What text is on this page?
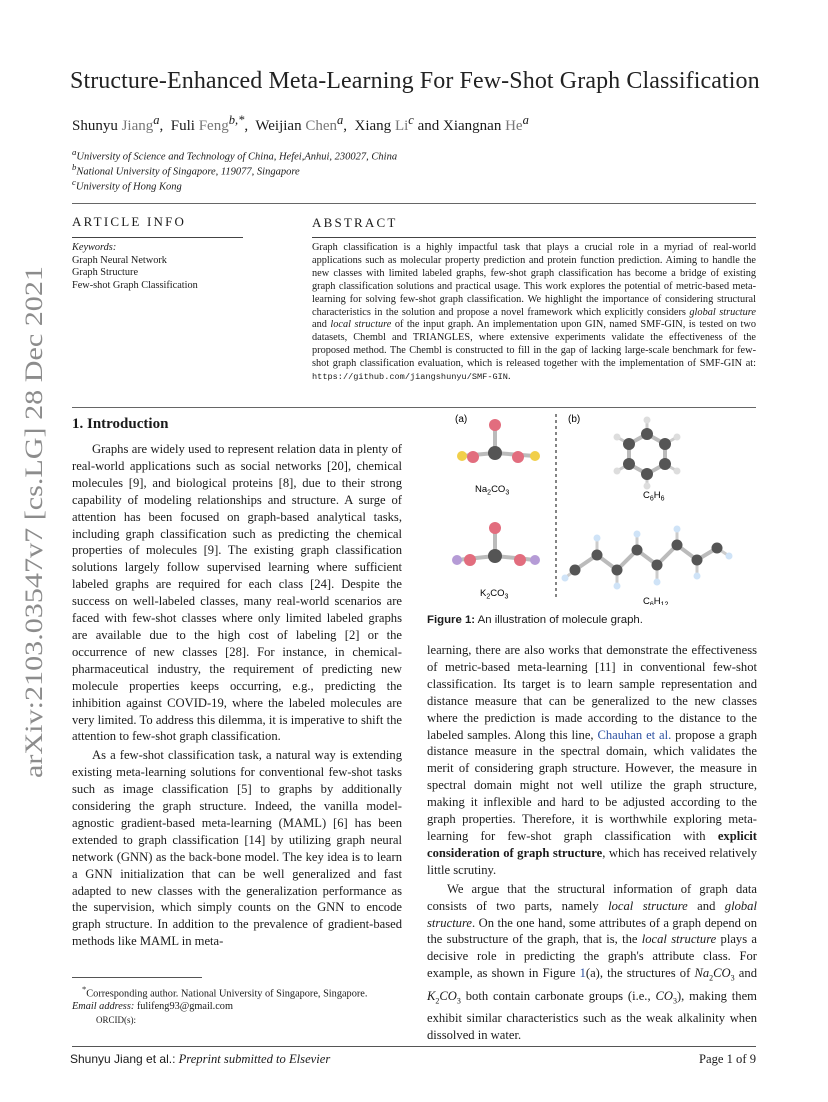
arXiv:2103.03547v7 [cs.LG] 28 Dec 2021
Structure-Enhanced Meta-Learning For Few-Shot Graph Classification
Shunyu Jiang$^a$,  Fuli Feng$^{b,*}$,  Weijian Chen$^a$,  Xiang Li$^c$ and Xiangnan He$^a$
$^a$University of Science and Technology of China, Hefei,Anhui, 230027, China
$^b$National University of Singapore, 119077, Singapore
$^c$University of Hong Kong
ARTICLE INFO
Keywords:
Graph Neural Network
Graph Structure
Few-shot Graph Classification
ABSTRACT
Graph classification is a highly impactful task that plays a crucial role in a myriad of real-world applications such as molecular property prediction and protein function prediction. Aiming to handle the new classes with limited labeled graphs, few-shot graph classification has become a bridge of existing graph classification solutions and practical usage. This work explores the potential of metric-based meta-learning for solving few-shot graph classification. We highlight the importance of considering structural characteristics in the solution and propose a novel framework which explicitly considers global structure and local structure of the input graph. An implementation upon GIN, named SMF-GIN, is tested on two datasets, Chembl and TRIANGLES, where extensive experiments validate the effectiveness of the proposed method. The Chembl is constructed to fill in the gap of lacking large-scale benchmark for few-shot graph classification evaluation, which is released together with the implementation of SMF-GIN at: https://github.com/jiangshunyu/SMF-GIN.
1. Introduction

Graphs are widely used to represent relation data in plenty of real-world applications such as social networks [20], chemical molecules [9], and biological proteins [8], due to their strong capability of modeling relationships and structure. A surge of attention has been focused on graph-based analytical tasks, including graph classification such as predicting the chemical properties of molecules [9]. The existing graph classification solutions largely follow supervised learning where sufficient labeled graphs are required for each class [24]. Despite the success on well-labeled classes, many real-world scenarios are faced with few-shot classes where only limited labeled graphs are available due to the high cost of labeling [2] or the occurrence of new classes [28]. For instance, in chemical-pharmaceutical industry, the requirement of predicting new molecule properties keeps occurring, e.g., predicting the inhibition against COVID-19, where the labeled molecules are very limited. To address this dilemma, it is imperative to shift the attention to few-shot graph classification.

As a few-shot classification task, a natural way is extending existing meta-learning solutions for conventional few-shot tasks such as image classification [5] to graphs by additionally considering the graph structure. Indeed, the vanilla model-agnostic gradient-based meta-learning (MAML) [6] has been extended to graph classification [14] by utilizing graph neural network (GNN) as the back-bone model. The key idea is to learn a GNN initialization that can be well generalized and fast adapted to new classes with the generalization performance as the supervision, which simply counts on the GNN to encode graph structure. In addition to the prevalence of gradient-based methods like MAML in meta-

*Corresponding author. National University of Singapore, Singapore.
Email address: fulifeng93@gmail.com
ORCID(s):
(a)	(b)
$Na_2CO_3$	$C_6H_6$
$K_2CO_3$	$C_6H_{12}$
Figure 1: An illustration of molecule graph.

learning, there are also works that demonstrate the effectiveness of metric-based meta-learning [11] in conventional few-shot classification. Its target is to learn sample representation and distance measure that can be generalized to the new classes where the prediction is made according to the distance to the labeled samples. Along this line, Chauhan et al. propose a graph distance measure in the spectral domain, which validates the merit of considering graph structure. However, the measure in spectral domain might not well utilize the graph structure, making it inflexible and hard to be adjusted according to the graph properties. Therefore, it is worthwhile exploring meta-learning for few-shot graph classification with explicit consideration of graph structure, which has received relatively little scrutiny.

We argue that the structural information of graph data consists of two parts, namely local structure and global structure. On the one hand, some attributes of a graph depend on the substructure of the graph, that is, the local structure plays a decisive role in predicting the graph's attribute class. For example, as shown in Figure 1(a), the structures of $Na_2CO_3$ and $K_2CO_3$ both contain carbonate groups (i.e., $CO_3$), making them exhibit similar characteristics such as the weak alkalinity when dissolved in water.

Shunyu Jiang et al.: Preprint submitted to Elsevier	Page 1 of 9
